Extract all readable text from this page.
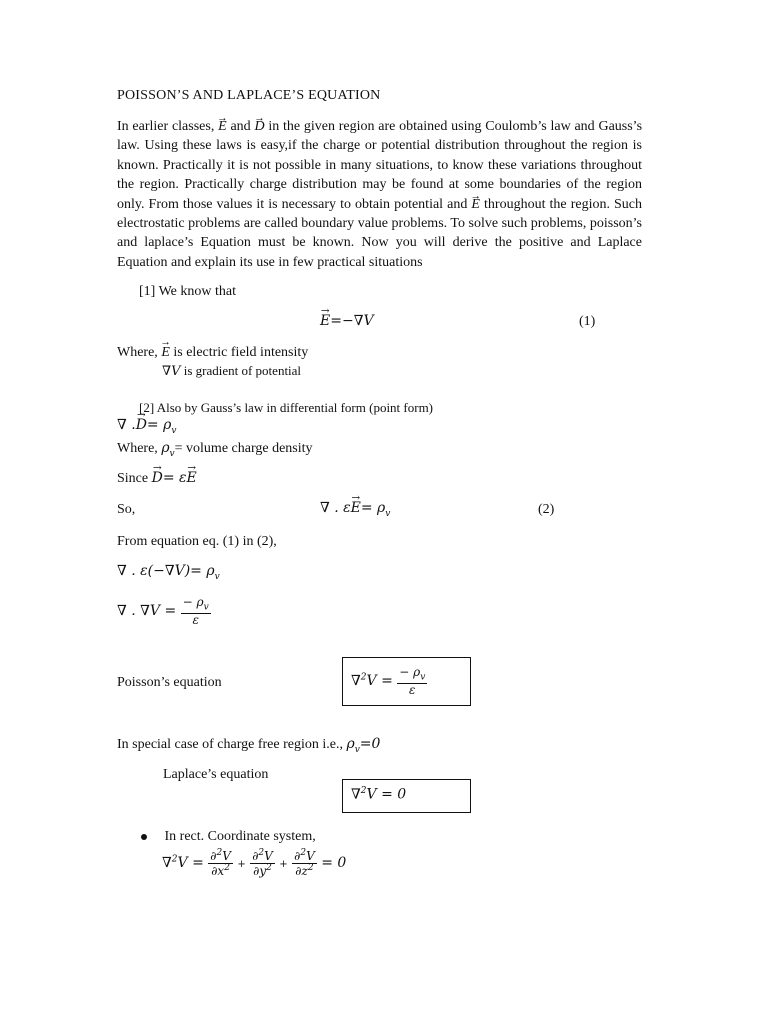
POISSON’S AND LAPLACE’S EQUATION
In earlier classes, → E and → D in the given region are obtained using Coulomb’s law and Gauss’s law. Using these laws is easy,if the charge or potential distribution throughout the region is known. Practically it is not possible in many situations, to know these variations throughout the region. Practically charge distribution may be found at some boundaries of the region only. From those values it is necessary to obtain potential and → E throughout the region. Such electrostatic problems are called boundary value problems. To solve such problems, poisson’s and laplace’s Equation must be known. Now you will derive the positive and Laplace Equation and explain its use in few practical situations
[1] We know that
→ E=−∇V	(1)
Where, → E is electric field intensity
∇V is gradient of potential
[2] Also by Gauss’s law in differential form (point form)
∇ .→ $D= \rho_v$
Where, $\rho_v=$ volume charge density
Since → D= ε→ E
So,	∇ . $\varepsilon\to E= \rho_v$	(2)
From equation eq. (1) in (2),
∇ . $\varepsilon(-\nabla V)= \rho_v$
∇ . $\nabla V = \frac{- \rho_v}{\varepsilon}$
Poisson’s equation	$\nabla^2V = \frac{- \rho_v}{\varepsilon}$
In special case of charge free region i.e., $\rho_v=0$
Laplace’s equation
∇$^2$V = 0
In rect. Coordinate system,
$\nabla^2V = \frac{\partial^2V}{\partial x^2} + \frac{\partial^2V}{\partial y^2} + \frac{\partial^2V}{\partial z^2} = 0$
